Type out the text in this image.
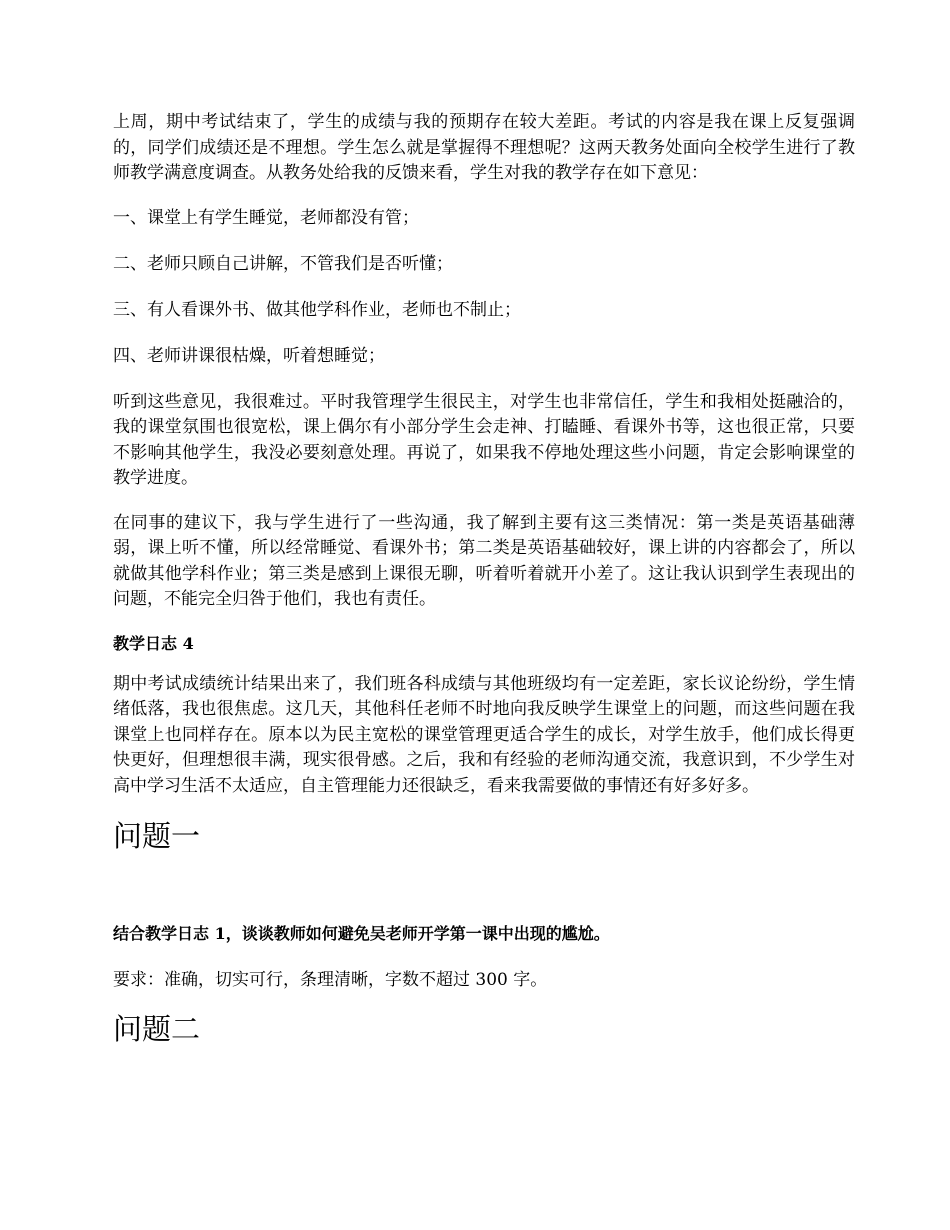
上周，期中考试结束了，学生的成绩与我的预期存在较大差距。考试的内容是我在课上反复强调的，同学们成绩还是不理想。学生怎么就是掌握得不理想呢？这两天教务处面向全校学生进行了教师教学满意度调查。从教务处给我的反馈来看，学生对我的教学存在如下意见：

一、课堂上有学生睡觉，老师都没有管；

二、老师只顾自己讲解，不管我们是否听懂；

三、有人看课外书、做其他学科作业，老师也不制止；

四、老师讲课很枯燥，听着想睡觉；

听到这些意见，我很难过。平时我管理学生很民主，对学生也非常信任，学生和我相处挺融洽的，我的课堂氛围也很宽松，课上偶尔有小部分学生会走神、打瞌睡、看课外书等，这也很正常，只要不影响其他学生，我没必要刻意处理。再说了，如果我不停地处理这些小问题，肯定会影响课堂的教学进度。

在同事的建议下，我与学生进行了一些沟通，我了解到主要有这三类情况：第一类是英语基础薄弱，课上听不懂，所以经常睡觉、看课外书；第二类是英语基础较好，课上讲的内容都会了，所以就做其他学科作业；第三类是感到上课很无聊，听着听着就开小差了。这让我认识到学生表现出的问题，不能完全归咎于他们，我也有责任。

教学日志 4

期中考试成绩统计结果出来了，我们班各科成绩与其他班级均有一定差距，家长议论纷纷，学生情绪低落，我也很焦虑。这几天，其他科任老师不时地向我反映学生课堂上的问题，而这些问题在我课堂上也同样存在。原本以为民主宽松的课堂管理更适合学生的成长，对学生放手，他们成长得更快更好，但理想很丰满，现实很骨感。之后，我和有经验的老师沟通交流，我意识到，不少学生对高中学习生活不太适应，自主管理能力还很缺乏，看来我需要做的事情还有好多好多。

问题一
结合教学日志 1，谈谈教师如何避免吴老师开学第一课中出现的尴尬。
要求：准确，切实可行，条理清晰，字数不超过 300 字。
问题二
